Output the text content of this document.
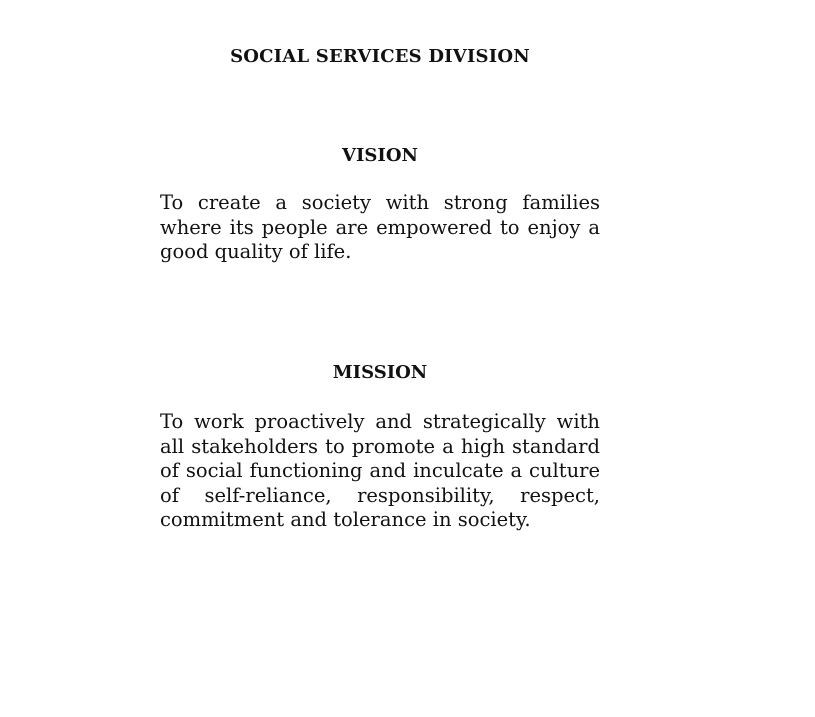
SOCIAL SERVICES DIVISION
VISION
To create a society with strong families where its people are empowered to enjoy a good quality of life.
MISSION
To work proactively and strategically with all stakeholders to promote a high standard of social functioning and inculcate a culture of self-reliance, responsibility, respect, commitment and tolerance in society.
